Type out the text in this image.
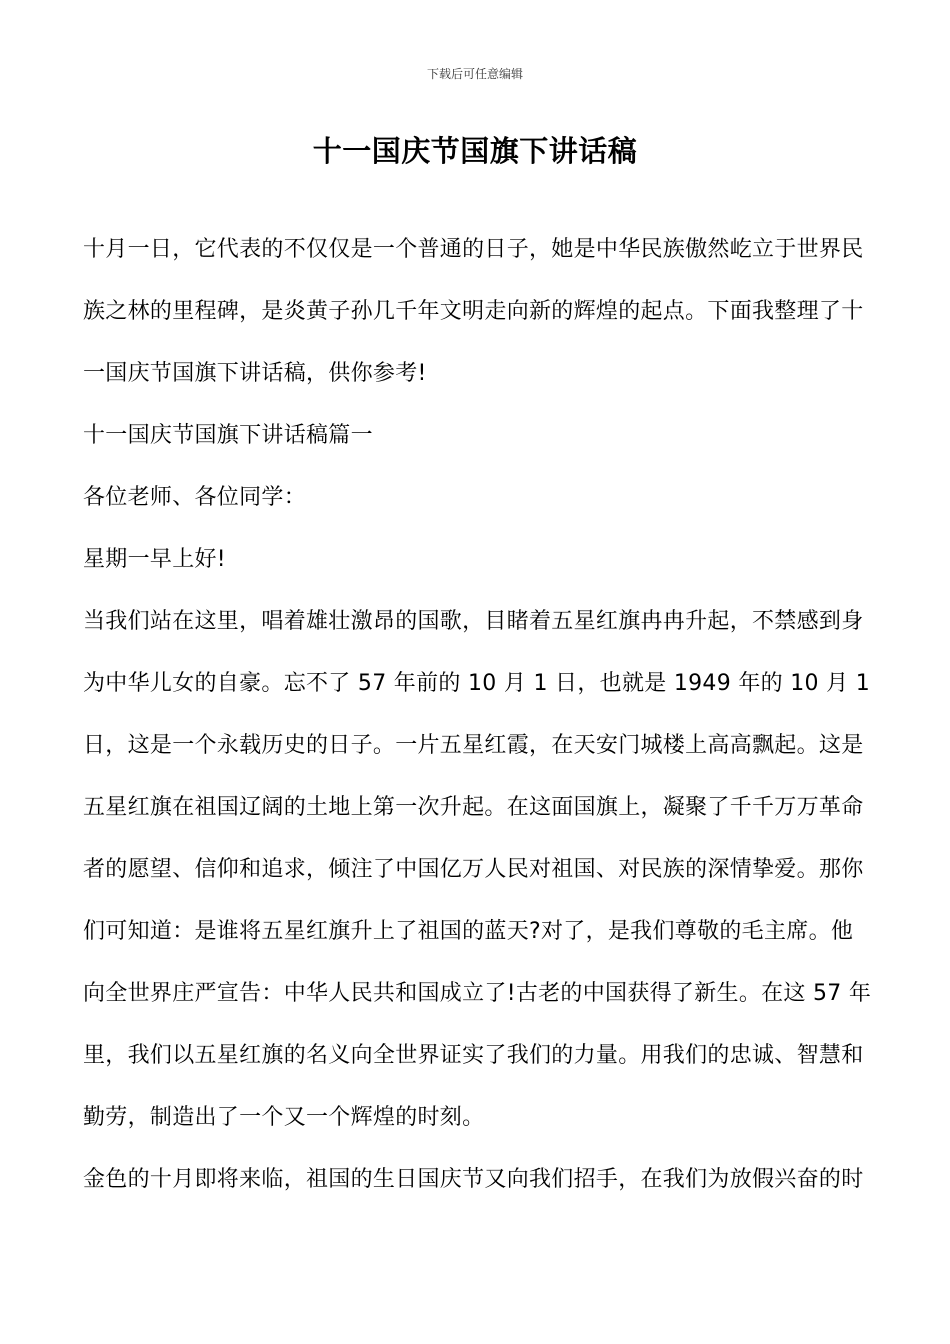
下载后可任意编辑
十一国庆节国旗下讲话稿

十月一日，它代表的不仅仅是一个普通的日子，她是中华民族傲然屹立于世界民族之林的里程碑，是炎黄子孙几千年文明走向新的辉煌的起点。下面我整理了十一国庆节国旗下讲话稿，供你参考!

十一国庆节国旗下讲话稿篇一

各位老师、各位同学：

星期一早上好!

当我们站在这里，唱着雄壮激昂的国歌，目睹着五星红旗冉冉升起，不禁感到身为中华儿女的自豪。忘不了 57 年前的 10 月 1 日，也就是 1949 年的 10 月 1 日，这是一个永载历史的日子。一片五星红霞，在天安门城楼上高高飘起。这是五星红旗在祖国辽阔的土地上第一次升起。在这面国旗上，凝聚了千千万万革命者的愿望、信仰和追求，倾注了中国亿万人民对祖国、对民族的深情挚爱。那你们可知道：是谁将五星红旗升上了祖国的蓝天?对了，是我们尊敬的毛主席。他向全世界庄严宣告：中华人民共和国成立了!古老的中国获得了新生。在这 57 年里，我们以五星红旗的名义向全世界证实了我们的力量。用我们的忠诚、智慧和勤劳，制造出了一个又一个辉煌的时刻。

金色的十月即将来临，祖国的生日国庆节又向我们招手，在我们为放假兴奋的时
